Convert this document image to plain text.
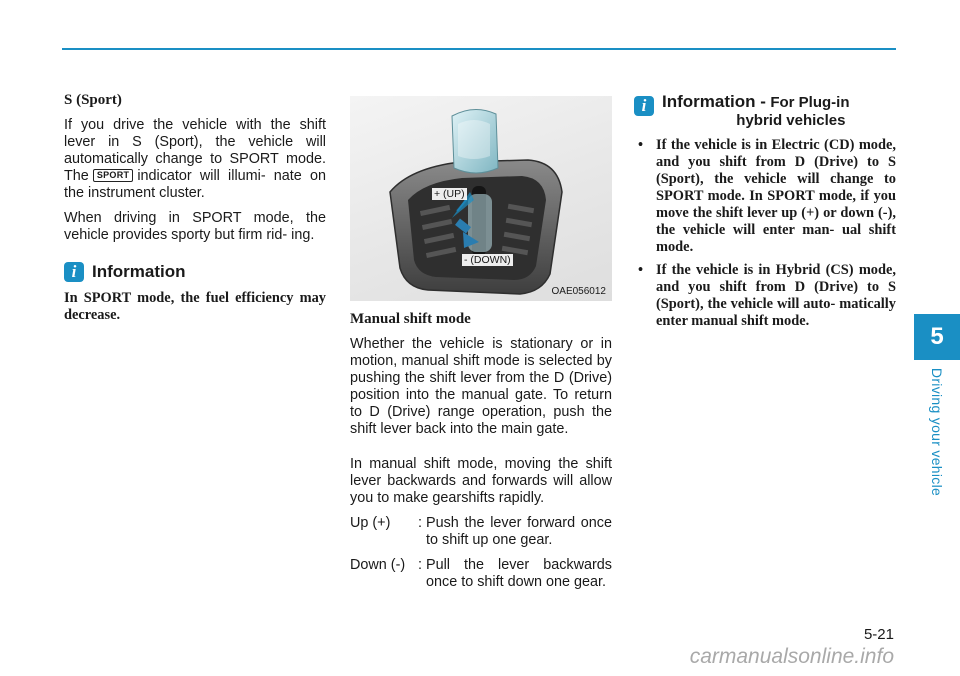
S (Sport)

If you drive the vehicle with the shift lever in S (Sport), the vehicle will automatically change to SPORT mode. The SPORT indicator will illumi- nate on the instrument cluster.

When driving in SPORT mode, the vehicle provides sporty but firm rid- ing.

i Information

In SPORT mode, the fuel efficiency may decrease.

+ (UP)
- (DOWN)
OAE056012
Manual shift mode

Whether the vehicle is stationary or in motion, manual shift mode is selected by pushing the shift lever from the D (Drive) position into the manual gate. To return to D (Drive) range operation, push the shift lever back into the main gate.

In manual shift mode, moving the shift lever backwards and forwards will allow you to make gearshifts rapidly.

Up (+)	: Push the lever forward once to shift up one gear.
Down (-) : Pull the lever backwards once to shift down one gear.
i Information - For Plug-in

hybrid vehicles
• If the vehicle is in Electric (CD) mode, and you shift from D (Drive) to S (Sport), the vehicle will change to SPORT mode. In SPORT mode, if you move the shift lever up (+) or down (-), the vehicle will enter man- ual shift mode.
• If the vehicle is in Hybrid (CS) mode, and you shift from D (Drive) to S (Sport), the vehicle will auto- matically enter manual shift mode.
5
Driving your vehicle
5-21
carmanualsonline.info
